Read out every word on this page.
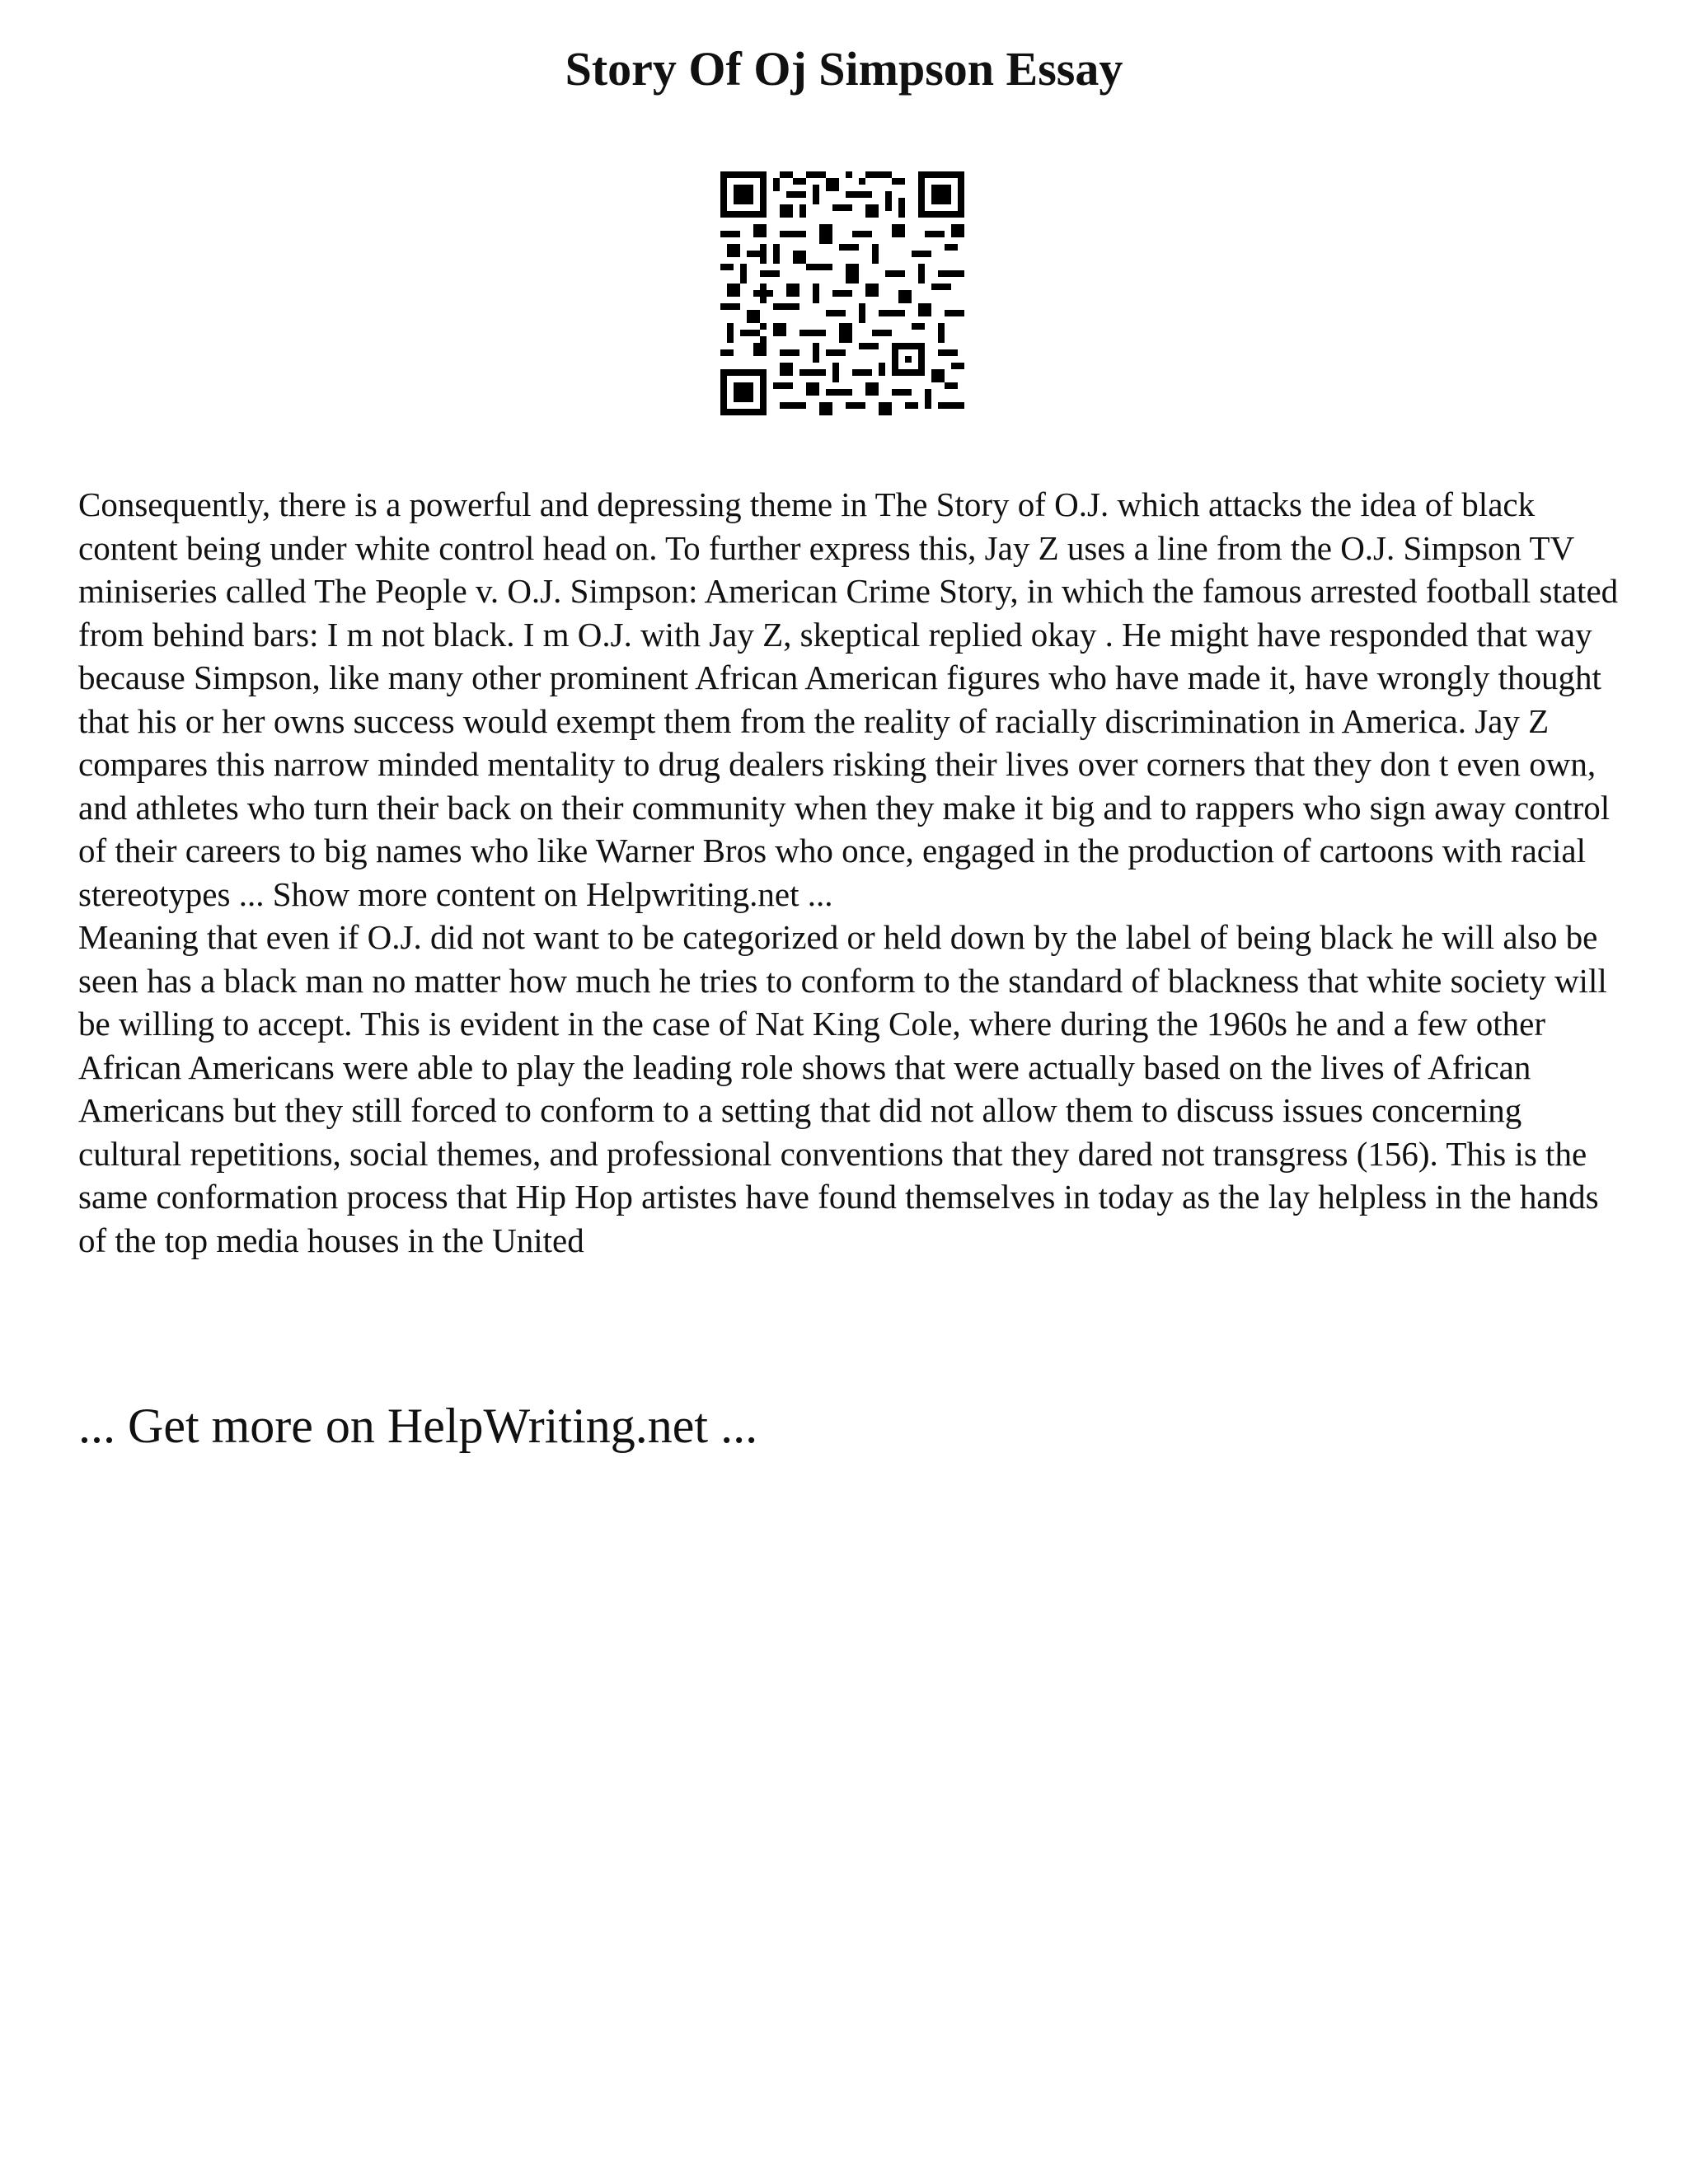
Story Of Oj Simpson Essay

Consequently, there is a powerful and depressing theme in The Story of O.J. which attacks the idea of black content being under white control head on. To further express this, Jay Z uses a line from the O.J. Simpson TV miniseries called The People v. O.J. Simpson: American Crime Story, in which the famous arrested football stated from behind bars: I m not black. I m O.J. with Jay Z, skeptical replied okay . He might have responded that way because Simpson, like many other prominent African American figures who have made it, have wrongly thought that his or her owns success would exempt them from the reality of racially discrimination in America. Jay Z compares this narrow minded mentality to drug dealers risking their lives over corners that they don t even own, and athletes who turn their back on their community when they make it big and to rappers who sign away control of their careers to big names who like Warner Bros who once, engaged in the production of cartoons with racial stereotypes ... Show more content on Helpwriting.net ...

Meaning that even if O.J. did not want to be categorized or held down by the label of being black he will also be seen has a black man no matter how much he tries to conform to the standard of blackness that white society will be willing to accept. This is evident in the case of Nat King Cole, where during the 1960s he and a few other African Americans were able to play the leading role shows that were actually based on the lives of African Americans but they still forced to conform to a setting that did not allow them to discuss issues concerning cultural repetitions, social themes, and professional conventions that they dared not transgress (156). This is the same conformation process that Hip Hop artistes have found themselves in today as the lay helpless in the hands of the top media houses in the United

... Get more on HelpWriting.net ...
